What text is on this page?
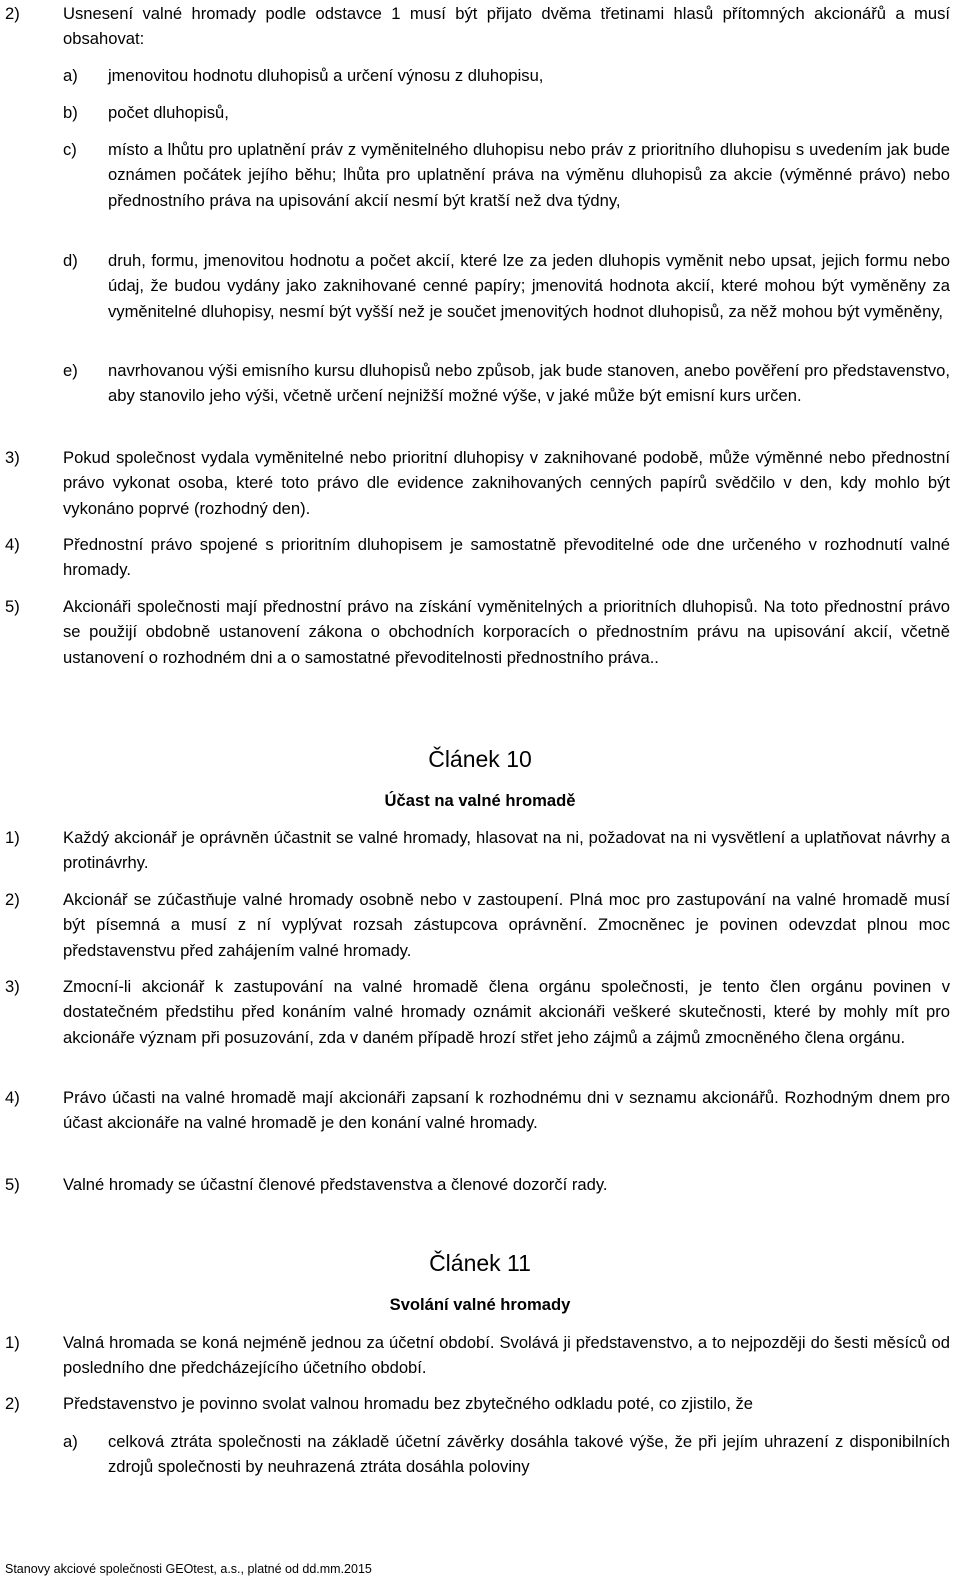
2)	Usnesení valné hromady podle odstavce 1 musí být přijato dvěma třetinami hlasů přítomných akcionářů a musí obsahovat:
a) jmenovitou hodnotu dluhopisů a určení výnosu z dluhopisu,
b) počet dluhopisů,
c) místo a lhůtu pro uplatnění práv z vyměnitelného dluhopisu nebo práv z prioritního dluhopisu s uvedením jak bude oznámen počátek jejího běhu; lhůta pro uplatnění práva na výměnu dluhopisů za akcie (výměnné právo) nebo přednostního práva na upisování akcií nesmí být kratší než dva týdny,
d) druh, formu, jmenovitou hodnotu a počet akcií, které lze za jeden dluhopis vyměnit nebo upsat, jejich formu nebo údaj, že budou vydány jako zaknihované cenné papíry; jmenovitá hodnota akcií, které mohou být vyměněny za vyměnitelné dluhopisy, nesmí být vyšší než je součet jmenovitých hodnot dluhopisů, za něž mohou být vyměněny,
e) navrhovanou výši emisního kursu dluhopisů nebo způsob, jak bude stanoven, anebo pověření pro představenstvo, aby stanovilo jeho výši, včetně určení nejnižší možné výše, v jaké může být emisní kurs určen.
3)	Pokud společnost vydala vyměnitelné nebo prioritní dluhopisy v zaknihované podobě, může výměnné nebo přednostní právo vykonat osoba, které toto právo dle evidence zaknihovaných cenných papírů svědčilo v den, kdy mohlo být vykonáno poprvé (rozhodný den).
4)	Přednostní právo spojené s prioritním dluhopisem je samostatně převoditelné ode dne určeného v rozhodnutí valné hromady.
5)	Akcionáři společnosti mají přednostní právo na získání vyměnitelných a prioritních dluhopisů. Na toto přednostní právo se použijí obdobně ustanovení zákona o obchodních korporacích o přednostním právu na upisování akcií, včetně ustanovení o rozhodném dni a o samostatné převoditelnosti přednostního práva..
Článek 10
Účast na valné hromadě
1)	Každý akcionář je oprávněn účastnit se valné hromady, hlasovat na ni, požadovat na ni vysvětlení a uplatňovat návrhy a protinávrhy.
2)	Akcionář se zúčastňuje valné hromady osobně nebo v zastoupení. Plná moc pro zastupování na valné hromadě musí být písemná a musí z ní vyplývat rozsah zástupcova oprávnění. Zmocněnec je povinen odevzdat plnou moc představenstvu před zahájením valné hromady.
3)	Zmocní-li akcionář k zastupování na valné hromadě člena orgánu společnosti, je tento člen orgánu povinen v dostatečném předstihu před konáním valné hromady oznámit akcionáři veškeré skutečnosti, které by mohly mít pro akcionáře význam při posuzování, zda v daném případě hrozí střet jeho zájmů a zájmů zmocněného člena orgánu.
4)	Právo účasti na valné hromadě mají akcionáři zapsaní k rozhodnému dni v seznamu akcionářů. Rozhodným dnem pro účast akcionáře na valné hromadě je den konání valné hromady.
5)	Valné hromady se účastní členové představenstva a členové dozorčí rady.
Článek 11
Svolání valné hromady
1)	Valná hromada se koná nejméně jednou za účetní období. Svolává ji představenstvo, a to nejpozději do šesti měsíců od posledního dne předcházejícího účetního období.
2)	Představenstvo je povinno svolat valnou hromadu bez zbytečného odkladu poté, co zjistilo, že
a) celková ztráta společnosti na základě účetní závěrky dosáhla takové výše, že při jejím uhrazení z disponibilních zdrojů společnosti by neuhrazená ztráta dosáhla poloviny
Stanovy akciové společnosti GEOtest, a.s., platné od dd.mm.2015
